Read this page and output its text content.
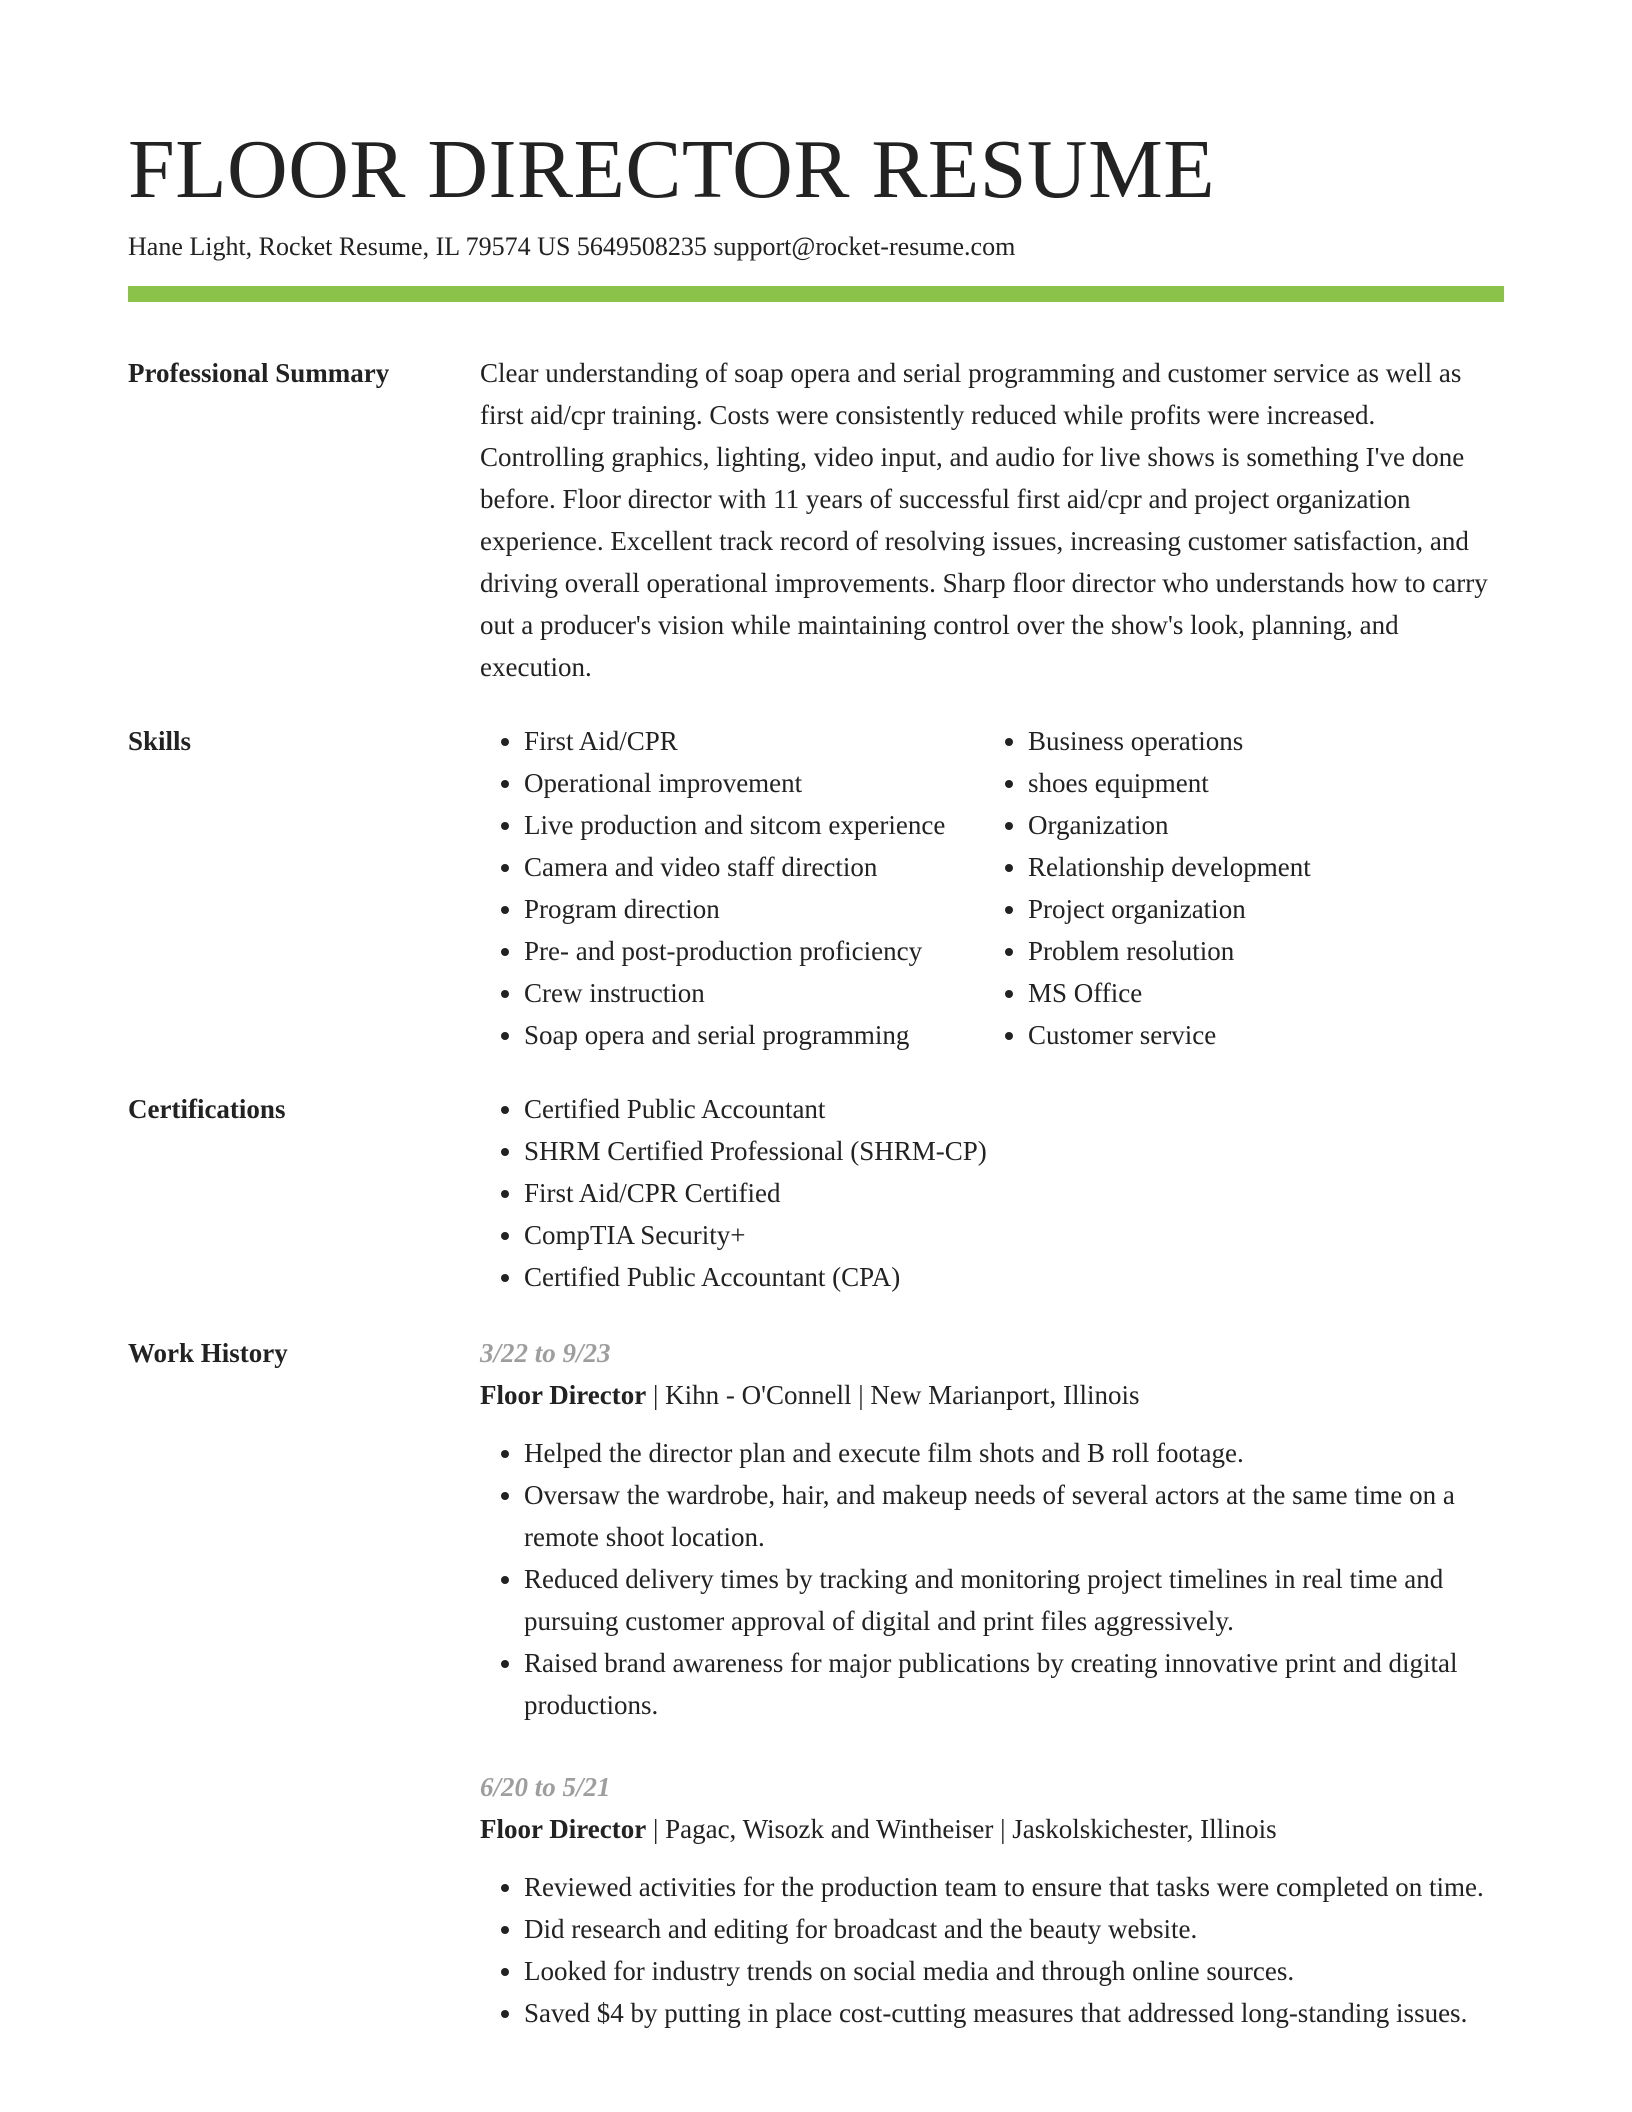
FLOOR DIRECTOR RESUME
Hane Light, Rocket Resume, IL 79574 US 5649508235 support@rocket-resume.com
Professional Summary	Clear understanding of soap opera and serial programming and customer service as well as first aid/cpr training. Costs were consistently reduced while profits were increased. Controlling graphics, lighting, video input, and audio for live shows is something I've done before. Floor director with 11 years of successful first aid/cpr and project organization experience. Excellent track record of resolving issues, increasing customer satisfaction, and driving overall operational improvements. Sharp floor director who understands how to carry out a producer's vision while maintaining control over the show's look, planning, and execution.

Skills	• First Aid/CPR
• Operational improvement
• Live production and sitcom experience
• Camera and video staff direction
• Program direction
• Pre- and post-production proficiency
• Crew instruction
• Soap opera and serial programming
• Business operations
• shoes equipment
• Organization
• Relationship development
• Project organization
• Problem resolution
• MS Office
• Customer service
Certifications	• Certified Public Accountant
• SHRM Certified Professional (SHRM-CP)
• First Aid/CPR Certified
• CompTIA Security+
• Certified Public Accountant (CPA)
Work History	3/22 to 9/23
Floor Director | Kihn - O'Connell | New Marianport, Illinois
• Helped the director plan and execute film shots and B roll footage.
• Oversaw the wardrobe, hair, and makeup needs of several actors at the same time on a remote shoot location.
• Reduced delivery times by tracking and monitoring project timelines in real time and pursuing customer approval of digital and print files aggressively.
• Raised brand awareness for major publications by creating innovative print and digital productions.
6/20 to 5/21
Floor Director | Pagac, Wisozk and Wintheiser | Jaskolskichester, Illinois
• Reviewed activities for the production team to ensure that tasks were completed on time.
• Did research and editing for broadcast and the beauty website.
• Looked for industry trends on social media and through online sources.
• Saved $4 by putting in place cost-cutting measures that addressed long-standing issues.
